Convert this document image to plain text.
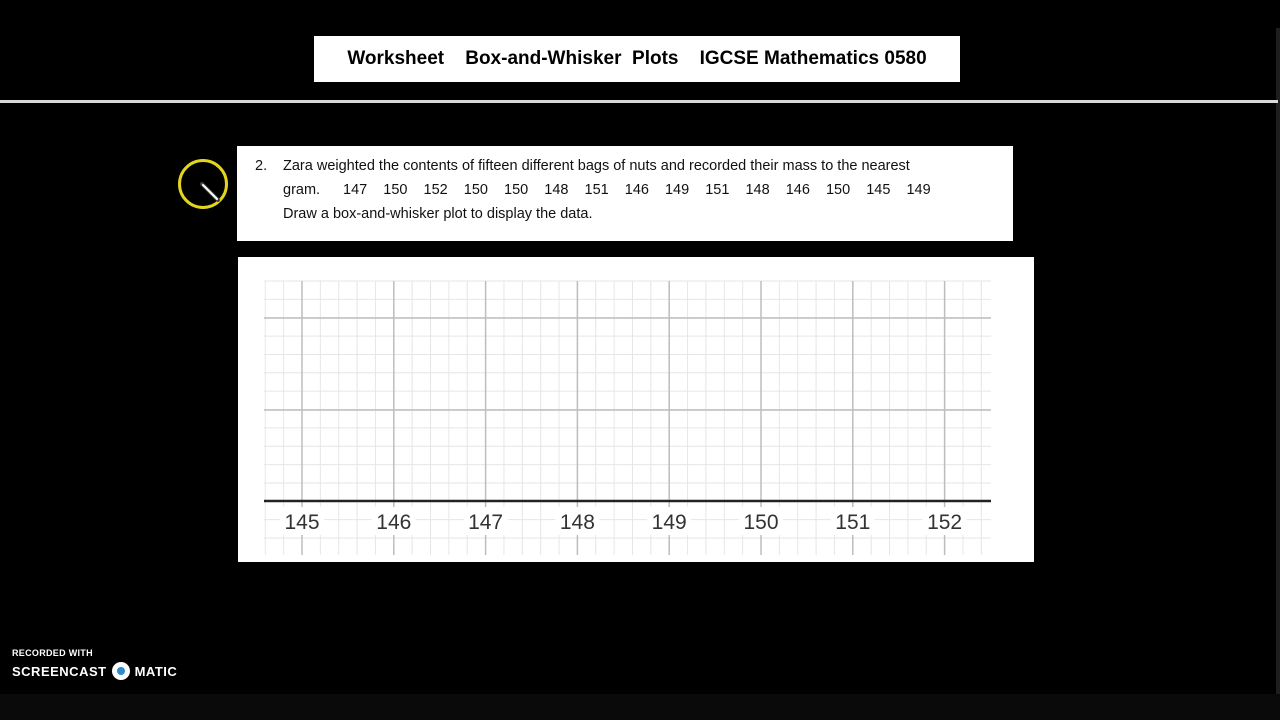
Worksheet    Box-and-Whisker  Plots    IGCSE Mathematics 0580
2. Zara weighted the contents of fifteen different bags of nuts and recorded their mass to the nearest
gram. 147  150  152  150  150  148  151  146  149  151  148  146  150  145  149
Draw a box-and-whisker plot to display the data.
145	146	147	148	149	150	151	152
RECORDED WITH
SCREENCAST MATIC
